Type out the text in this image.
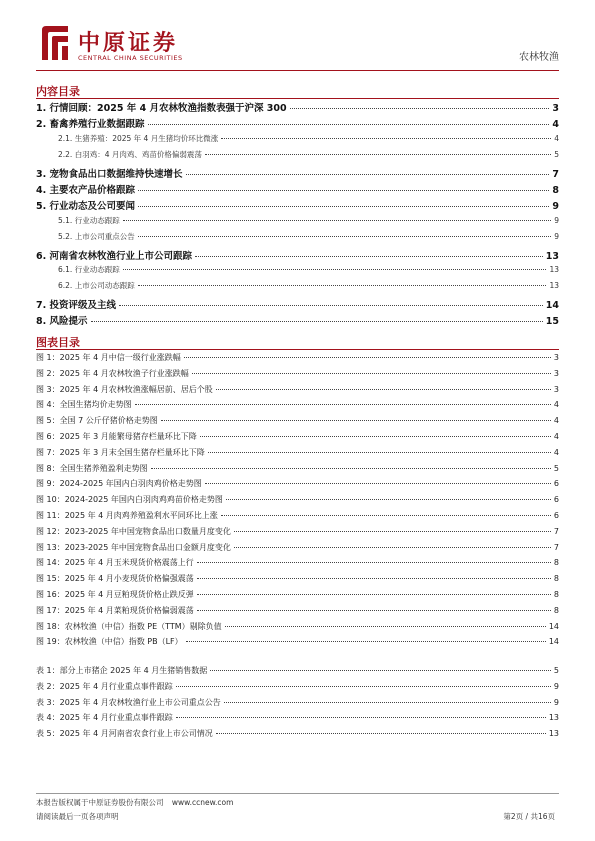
中原证券
CENTRAL CHINA SECURITIES	农林牧渔
内容目录
1. 行情回顾：2025 年 4 月农林牧渔指数表强于沪深 300	3
2. 畜禽养殖行业数据跟踪	4
2.1. 生猪养殖：2025 年 4 月生猪均价环比微涨	4
2.2. 白羽鸡：4 月肉鸡、鸡苗价格偏弱震荡	5
3. 宠物食品出口数据维持快速增长	7
4. 主要农产品价格跟踪	8
5. 行业动态及公司要闻	9
5.1. 行业动态跟踪	9
5.2. 上市公司重点公告	9
6. 河南省农林牧渔行业上市公司跟踪	13
6.1. 行业动态跟踪	13
6.2. 上市公司动态跟踪	13
7. 投资评级及主线	14
8. 风险提示	15
图表目录
图 1：2025 年 4 月中信一级行业涨跌幅	3
图 2：2025 年 4 月农林牧渔子行业涨跌幅	3
图 3：2025 年 4 月农林牧渔涨幅居前、居后个股	3
图 4：全国生猪均价走势图	4
图 5：全国 7 公斤仔猪价格走势图	4
图 6：2025 年 3 月能繁母猪存栏量环比下降	4
图 7：2025 年 3 月末全国生猪存栏量环比下降	4
图 8：全国生猪养殖盈利走势图	5
图 9：2024-2025 年国内白羽肉鸡价格走势图	6
图 10：2024-2025 年国内白羽肉鸡鸡苗价格走势图	6
图 11：2025 年 4 月肉鸡养殖盈利水平同环比上涨	6
图 12：2023-2025 年中国宠物食品出口数量月度变化	7
图 13：2023-2025 年中国宠物食品出口金额月度变化	7
图 14：2025 年 4 月玉米现货价格震荡上行	8
图 15：2025 年 4 月小麦现货价格偏强震荡	8
图 16：2025 年 4 月豆粕现货价格止跌反弹	8
图 17：2025 年 4 月菜粕现货价格偏弱震荡	8
图 18：农林牧渔（中信）指数 PE（TTM）剔除负值	14
图 19：农林牧渔（中信）指数 PB（LF）	14
表 1：部分上市猪企 2025 年 4 月生猪销售数据	5
表 2：2025 年 4 月行业重点事件跟踪	9
表 3：2025 年 4 月农林牧渔行业上市公司重点公告	9
表 4：2025 年 4 月行业重点事件跟踪	13
表 5：2025 年 4 月河南省农食行业上市公司情况	13
本报告版权属于中原证券股份有限公司 www.ccnew.com
请阅读最后一页各项声明	第2页 / 共16页
